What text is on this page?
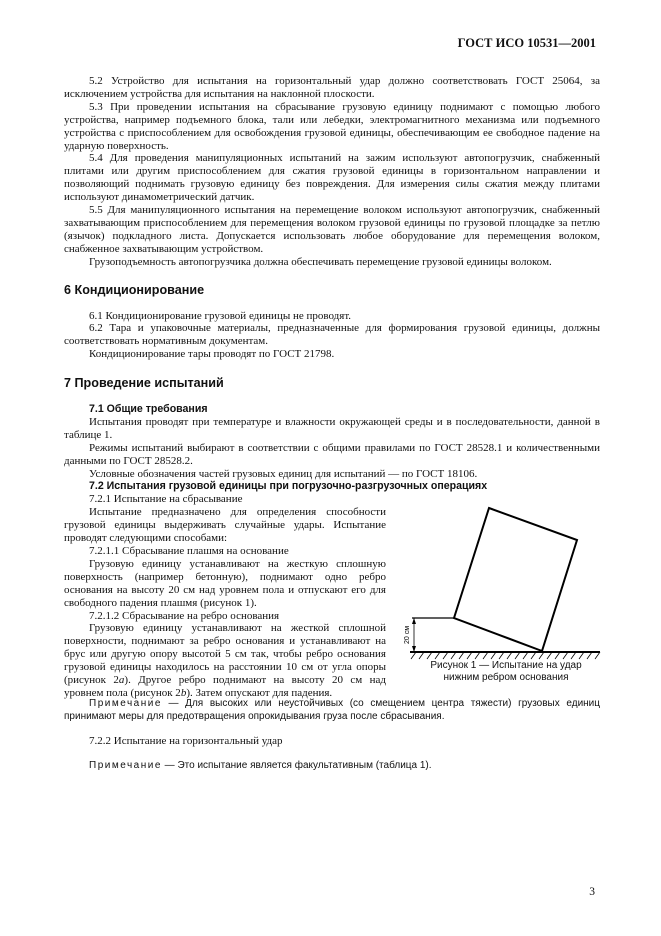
ГОСТ ИСО 10531—2001

5.2 Устройство для испытания на горизонтальный удар должно соответствовать ГОСТ 25064, за исключением устройства для испытания на наклонной плоскости.

5.3 При проведении испытания на сбрасывание грузовую единицу поднимают с помощью любого устройства, например подъемного блока, тали или лебедки, электромагнитного механизма или подъемного устройства с приспособлением для освобождения грузовой единицы, обеспечивающим ее свободное падение на ударную поверхность.

5.4 Для проведения манипуляционных испытаний на зажим используют автопогрузчик, снабженный плитами или другим приспособлением для сжатия грузовой единицы в горизонтальном направлении и позволяющий поднимать грузовую единицу без повреждения. Для измерения силы сжатия между плитами используют динамометрический датчик.

5.5 Для манипуляционного испытания на перемещение волоком используют автопогрузчик, снабженный захватывающим приспособлением для перемещения волоком грузовой единицы по грузовой площадке за петлю (язычок) подкладного листа. Допускается использовать любое оборудование для перемещения волоком, снабженное захватывающим устройством.

Грузоподъемность автопогрузчика должна обеспечивать перемещение грузовой единицы волоком.

6 Кондиционирование

6.1 Кондиционирование грузовой единицы не проводят.

6.2 Тара и упаковочные материалы, предназначенные для формирования грузовой единицы, должны соответствовать нормативным документам.

Кондиционирование тары проводят по ГОСТ 21798.

7 Проведение испытаний
7.1 Общие требования

Испытания проводят при температуре и влажности окружающей среды и в последовательности, данной в таблице 1.

Режимы испытаний выбирают в соответствии с общими правилами по ГОСТ 28528.1 и количественными данными по ГОСТ 28528.2.

Условные обозначения частей грузовых единиц для испытаний — по ГОСТ 18106.

7.2 Испытания грузовой единицы при погрузочно-разгрузочных операциях

7.2.1 Испытание на сбрасывание

Испытание предназначено для определения способности грузовой единицы выдерживать случайные удары. Испытание проводят следующими способами:

7.2.1.1 Сбрасывание плашмя на основание

Грузовую единицу устанавливают на жесткую сплошную поверхность (например бетонную), поднимают одно ребро основания на высоту 20 см над уровнем пола и отпускают его для свободного падения плашмя (рисунок 1).

7.2.1.2 Сбрасывание на ребро основания

Грузовую единицу устанавливают на жесткой сплошной поверхности, поднимают за ребро основания и устанавливают на брус или другую опору высотой 5 см так, чтобы ребро основания грузовой единицы находилось на расстоянии 10 см от угла опоры (рисунок 2a). Другое ребро поднимают на высоту 20 см над уровнем пола (рисунок 2b). Затем опускают для падения.

20 см
Рисунок 1 — Испытание на удар
нижним ребром основания

Примечание — Для высоких или неустойчивых (со смещением центра тяжести) грузовых единиц принимают меры для предотвращения опрокидывания груза после сбрасывания.

7.2.2 Испытание на горизонтальный удар

Примечание — Это испытание является факультативным (таблица 1).

3
